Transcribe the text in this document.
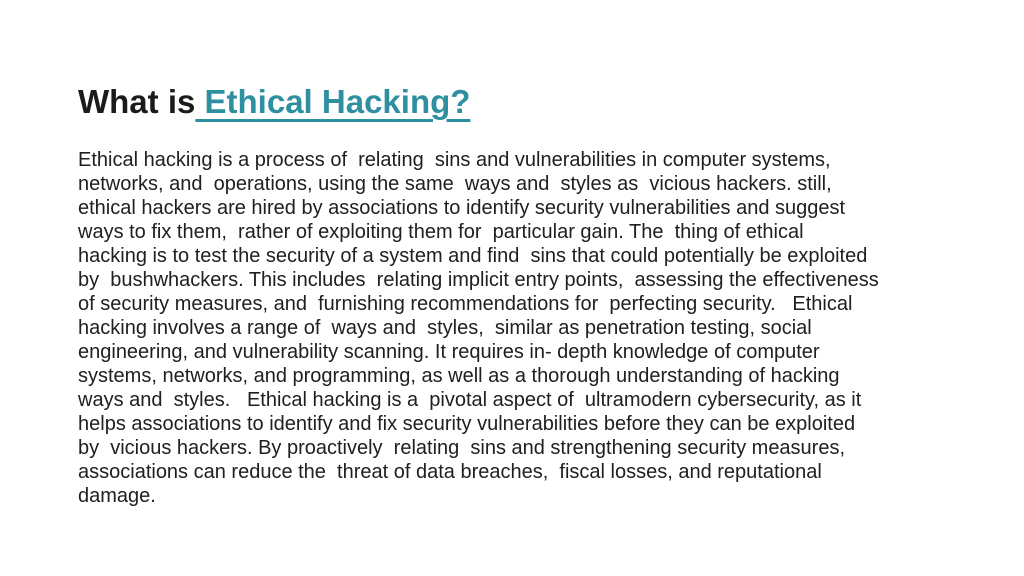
What is Ethical Hacking?
Ethical hacking is a process of  relating  sins and vulnerabilities in computer systems,
networks, and  operations, using the same  ways and  styles as  vicious hackers. still,
ethical hackers are hired by associations to identify security vulnerabilities and suggest
ways to fix them,  rather of exploiting them for  particular gain. The  thing of ethical
hacking is to test the security of a system and find  sins that could potentially be exploited
by  bushwhackers. This includes  relating implicit entry points,  assessing the effectiveness
of security measures, and  furnishing recommendations for  perfecting security.   Ethical
hacking involves a range of  ways and  styles,  similar as penetration testing, social
engineering, and vulnerability scanning. It requires in- depth knowledge of computer
systems, networks, and programming, as well as a thorough understanding of hacking
ways and  styles.   Ethical hacking is a  pivotal aspect of  ultramodern cybersecurity, as it
helps associations to identify and fix security vulnerabilities before they can be exploited
by  vicious hackers. By proactively  relating  sins and strengthening security measures,
associations can reduce the  threat of data breaches,  fiscal losses, and reputational
damage.
